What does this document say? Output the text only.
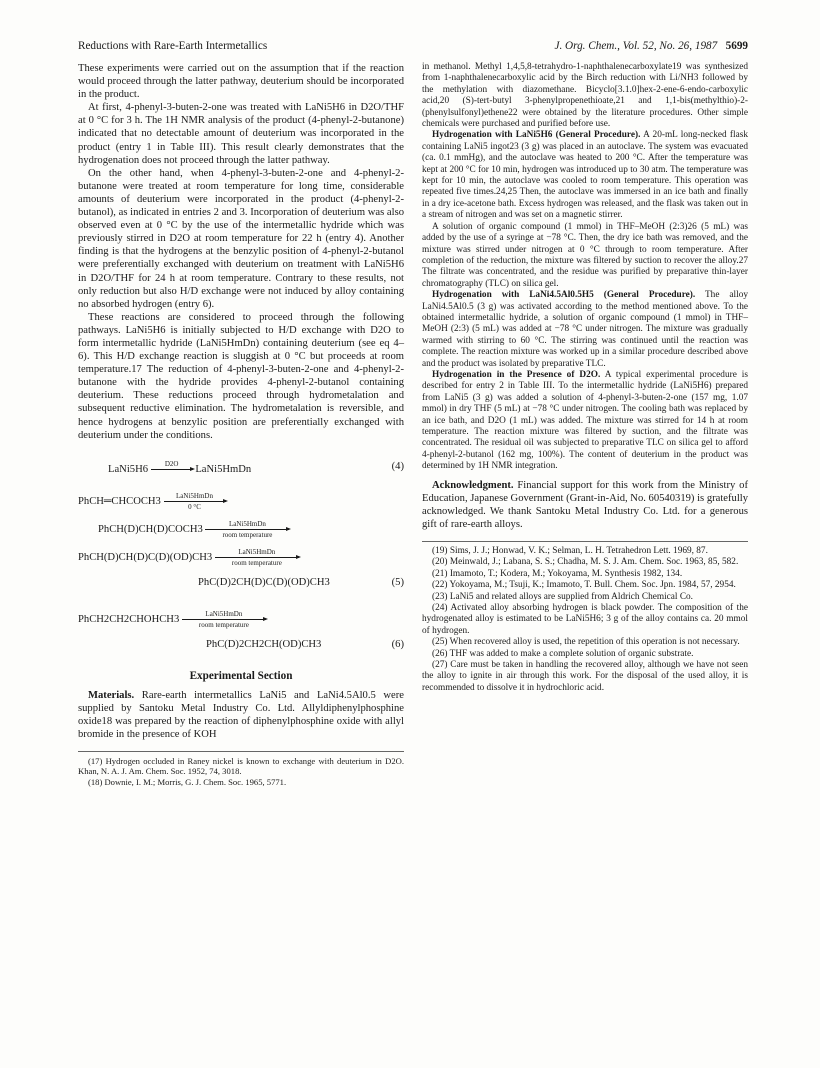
Reductions with Rare-Earth Intermetallics	J. Org. Chem., Vol. 52, No. 26, 1987 5699

These experiments were carried out on the assumption that if the reaction would proceed through the latter pathway, deuterium should be incorporated in the product.

At first, 4-phenyl-3-buten-2-one was treated with LaNi5H6 in D2O/THF at 0 °C for 3 h. The 1H NMR analysis of the product (4-phenyl-2-butanone) indicated that no detectable amount of deuterium was incorporated in the product (entry 1 in Table III). This result clearly demonstrates that the hydrogenation does not proceed through the latter pathway.

On the other hand, when 4-phenyl-3-buten-2-one and 4-phenyl-2-butanone were treated at room temperature for long time, considerable amounts of deuterium were incorporated in the product (4-phenyl-2-butanol), as indicated in entries 2 and 3. Incorporation of deuterium was also observed even at 0 °C by the use of the intermetallic hydride which was previously stirred in D2O at room temperature for 22 h (entry 4). Another finding is that the hydrogens at the benzylic position of 4-phenyl-2-butanol were preferentially exchanged with deuterium on treatment with LaNi5H6 in D2O/THF for 24 h at room temperature. Contrary to these results, not only reduction but also H/D exchange were not induced by alloy containing no absorbed hydrogen (entry 6).

These reactions are considered to proceed through the following pathways. LaNi5H6 is initially subjected to H/D exchange with D2O to form intermetallic hydride (LaNi5HmDn) containing deuterium (see eq 4–6). This H/D exchange reaction is sluggish at 0 °C but proceeds at room temperature.17 The reduction of 4-phenyl-3-buten-2-one and 4-phenyl-2-butanone with the hydride provides 4-phenyl-2-butanol containing deuterium. These reductions proceed through hydrometalation and subsequent reductive elimination. The hydrometalation is reversible, and hence hydrogens at benzylic position are preferentially exchanged with deuterium under the conditions.

LaNi5H6 D2O LaNi5HmDn	(4)
PhCH═CHCOCH3 LaNi5HmDn
0 °C
PhCH(D)CH(D)COCH3	LaNi5HmDn
room temperature
PhCH(D)CH(D)C(D)(OD)CH3	LaNi5HmDn
room temperature
PhC(D)2CH(D)C(D)(OD)CH3	(5)
PhCH2CH2CHOHCH3	LaNi5HmDn
room temperature
PhC(D)2CH2CH(OD)CH3	(6)
Experimental Section

Materials. Rare-earth intermetallics LaNi5 and LaNi4.5Al0.5 were supplied by Santoku Metal Industry Co. Ltd. Allyldiphenylphosphine oxide18 was prepared by the reaction of diphenylphosphine oxide with allyl bromide in the presence of KOH

(17) Hydrogen occluded in Raney nickel is known to exchange with deuterium in D2O. Khan, N. A. J. Am. Chem. Soc. 1952, 74, 3018.

(18) Downie, I. M.; Morris, G. J. Chem. Soc. 1965, 5771.

in methanol. Methyl 1,4,5,8-tetrahydro-1-naphthalenecarboxylate19 was synthesized from 1-naphthalenecarboxylic acid by the Birch reduction with Li/NH3 followed by the methylation with diazomethane. Bicyclo[3.1.0]hex-2-ene-6-endo-carboxylic acid,20 (S)-tert-butyl 3-phenylpropenethioate,21 and 1,1-bis(methylthio)-2-(phenylsulfonyl)ethene22 were obtained by the literature procedures. Other simple chemicals were purchased and purified before use.

Hydrogenation with LaNi5H6 (General Procedure). A 20-mL long-necked flask containing LaNi5 ingot23 (3 g) was placed in an autoclave. The system was evacuated (ca. 0.1 mmHg), and the autoclave was heated to 200 °C. After the temperature was kept at 200 °C for 10 min, hydrogen was introduced up to 30 atm. The temperature was kept for 10 min, the autoclave was cooled to room temperature. This operation was repeated five times.24,25 Then, the autoclave was immersed in an ice bath and finally in a dry ice-acetone bath. Excess hydrogen was released, and the flask was taken out in a stream of nitrogen and was set on a magnetic stirrer.

A solution of organic compound (1 mmol) in THF–MeOH (2:3)26 (5 mL) was added by the use of a syringe at −78 °C. Then, the dry ice bath was removed, and the mixture was stirred under nitrogen at 0 °C through to room temperature. After completion of the reduction, the mixture was filtered by suction to recover the alloy.27 The filtrate was concentrated, and the residue was purified by preparative thin-layer chromatography (TLC) on silica gel.

Hydrogenation with LaNi4.5Al0.5H5 (General Procedure). The alloy LaNi4.5Al0.5 (3 g) was activated according to the method mentioned above. To the obtained intermetallic hydride, a solution of organic compound (1 mmol) in THF–MeOH (2:3) (5 mL) was added at −78 °C under nitrogen. The mixture was gradually warmed with stirring to 60 °C. The stirring was continued until the reaction was complete. The reaction mixture was worked up in a similar procedure described above and the product was isolated by preparative TLC.

Hydrogenation in the Presence of D2O. A typical experimental procedure is described for entry 2 in Table III. To the intermetallic hydride (LaNi5H6) prepared from LaNi5 (3 g) was added a solution of 4-phenyl-3-buten-2-one (157 mg, 1.07 mmol) in dry THF (5 mL) at −78 °C under nitrogen. The cooling bath was replaced by an ice bath, and D2O (1 mL) was added. The mixture was stirred for 14 h at room temperature. The reaction mixture was filtered by suction, and the filtrate was concentrated. The residual oil was subjected to preparative TLC on silica gel to afford 4-phenyl-2-butanol (162 mg, 100%). The content of deuterium in the product was determined by 1H NMR integration.

Acknowledgment. Financial support for this work from the Ministry of Education, Japanese Government (Grant-in-Aid, No. 60540319) is gratefully acknowledged. We thank Santoku Metal Industry Co. Ltd. for a generous gift of rare-earth alloys.

(19) Sims, J. J.; Honwad, V. K.; Selman, L. H. Tetrahedron Lett. 1969, 87.

(20) Meinwald, J.; Labana, S. S.; Chadha, M. S. J. Am. Chem. Soc. 1963, 85, 582.

(21) Imamoto, T.; Kodera, M.; Yokoyama, M. Synthesis 1982, 134.

(22) Yokoyama, M.; Tsuji, K.; Imamoto, T. Bull. Chem. Soc. Jpn. 1984, 57, 2954.

(23) LaNi5 and related alloys are supplied from Aldrich Chemical Co.

(24) Activated alloy absorbing hydrogen is black powder. The composition of the hydrogenated alloy is estimated to be LaNi5H6; 3 g of the alloy contains ca. 20 mmol of hydrogen.

(25) When recovered alloy is used, the repetition of this operation is not necessary.

(26) THF was added to make a complete solution of organic substrate.

(27) Care must be taken in handling the recovered alloy, although we have not seen the alloy to ignite in air through this work. For the disposal of the used alloy, it is recommended to dissolve it in hydrochloric acid.
